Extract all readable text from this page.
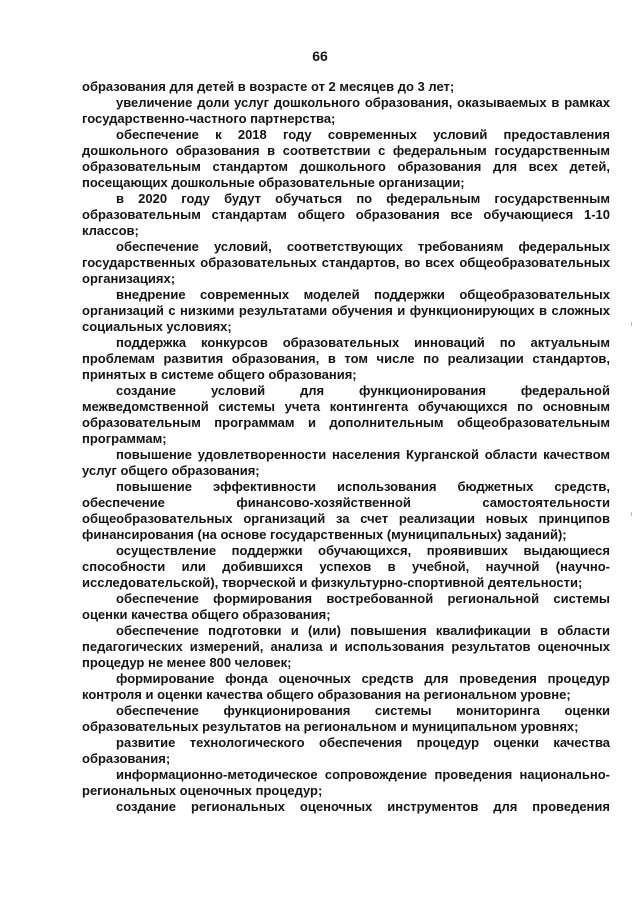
66

образования для детей в возрасте от 2 месяцев до 3 лет;

увеличение доли услуг дошкольного образования, оказываемых в рамках государственно-частного партнерства;

обеспечение к 2018 году современных условий предоставления дошкольного образования в соответствии с федеральным государственным образовательным стандартом дошкольного образования для всех детей, посещающих дошкольные образовательные организации;

в 2020 году будут обучаться по федеральным государственным образовательным стандартам общего образования все обучающиеся 1-10 классов;

обеспечение условий, соответствующих требованиям федеральных государственных образовательных стандартов, во всех общеобразовательных организациях;

внедрение современных моделей поддержки общеобразовательных организаций с низкими результатами обучения и функционирующих в сложных социальных условиях;

поддержка конкурсов образовательных инноваций по актуальным проблемам развития образования, в том числе по реализации стандартов, принятых в системе общего образования;

создание условий для функционирования федеральной межведомственной системы учета контингента обучающихся по основным образовательным программам и дополнительным общеобразовательным программам;

повышение удовлетворенности населения Курганской области качеством услуг общего образования;

повышение эффективности использования бюджетных средств, обеспечение финансово-хозяйственной самостоятельности общеобразовательных организаций за счет реализации новых принципов финансирования (на основе государственных (муниципальных) заданий);

осуществление поддержки обучающихся, проявивших выдающиеся способности или добившихся успехов в учебной, научной (научно-исследовательской), творческой и физкультурно-спортивной деятельности;

обеспечение формирования востребованной региональной системы оценки качества общего образования;

обеспечение подготовки и (или) повышения квалификации в области педагогических измерений, анализа и использования результатов оценочных процедур не менее 800 человек;

формирование фонда оценочных средств для проведения процедур контроля и оценки качества общего образования на региональном уровне;

обеспечение функционирования системы мониторинга оценки образовательных результатов на региональном и муниципальном уровнях;

развитие технологического обеспечения процедур оценки качества образования;

информационно-методическое сопровождение проведения национально-региональных оценочных процедур;

создание региональных оценочных инструментов для проведения
